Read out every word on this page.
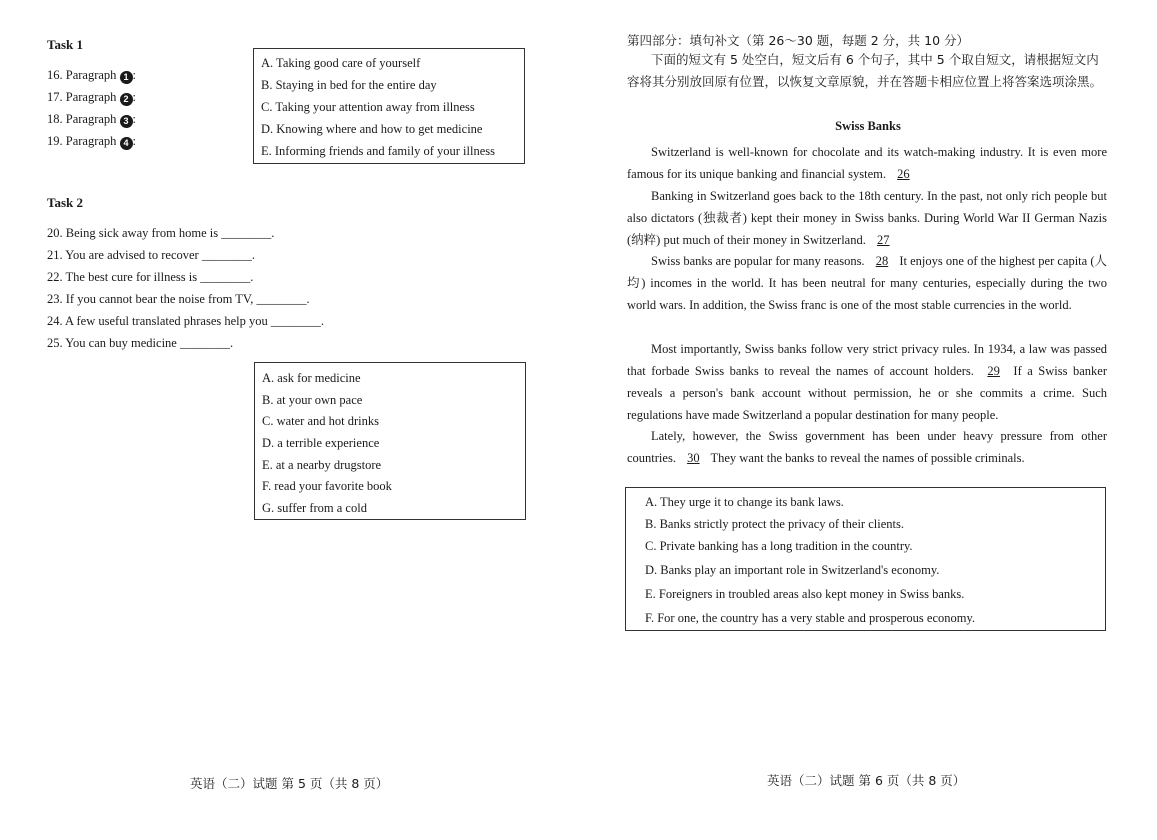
Task 1
16. Paragraph 1 :
17. Paragraph 2 :
18. Paragraph 3 :
19. Paragraph 4 :
A. Taking good care of yourself
B. Staying in bed for the entire day
C. Taking your attention away from illness
D. Knowing where and how to get medicine
E. Informing friends and family of your illness
Task 2
20. Being sick away from home is ________.
21. You are advised to recover ________.
22. The best cure for illness is ________.
23. If you cannot bear the noise from TV, ________.
24. A few useful translated phrases help you ________.
25. You can buy medicine ________.
A. ask for medicine
B. at your own pace
C. water and hot drinks
D. a terrible experience
E. at a nearby drugstore
F. read your favorite book
G. suffer from a cold
英语（二）试题 第 5 页（共 8 页）
第四部分：填句补文（第 26～30 题，每题 2 分，共 10 分）
下面的短文有 5 处空白，短文后有 6 个句子，其中 5 个取自短文，请根据短文内容将其分别放回原有位置，以恢复文章原貌，并在答题卡相应位置上将答案选项涂黑。
Swiss Banks
Switzerland is well-known for chocolate and its watch-making industry. It is even more famous for its unique banking and financial system. 26
Banking in Switzerland goes back to the 18th century. In the past, not only rich people but also dictators (独裁者) kept their money in Swiss banks. During World War II German Nazis (纳粹) put much of their money in Switzerland. 27
Swiss banks are popular for many reasons. 28 It enjoys one of the highest per capita (人均) incomes in the world. It has been neutral for many centuries, especially during the two world wars. In addition, the Swiss franc is one of the most stable currencies in the world.
Most importantly, Swiss banks follow very strict privacy rules. In 1934, a law was passed that forbade Swiss banks to reveal the names of account holders. 29 If a Swiss banker reveals a person's bank account without permission, he or she commits a crime. Such regulations have made Switzerland a popular destination for many people.
Lately, however, the Swiss government has been under heavy pressure from other countries. 30 They want the banks to reveal the names of possible criminals.
A. They urge it to change its bank laws.
B. Banks strictly protect the privacy of their clients.
C. Private banking has a long tradition in the country.
D. Banks play an important role in Switzerland's economy.
E. Foreigners in troubled areas also kept money in Swiss banks.
F. For one, the country has a very stable and prosperous economy.
英语（二）试题 第 6 页（共 8 页）
